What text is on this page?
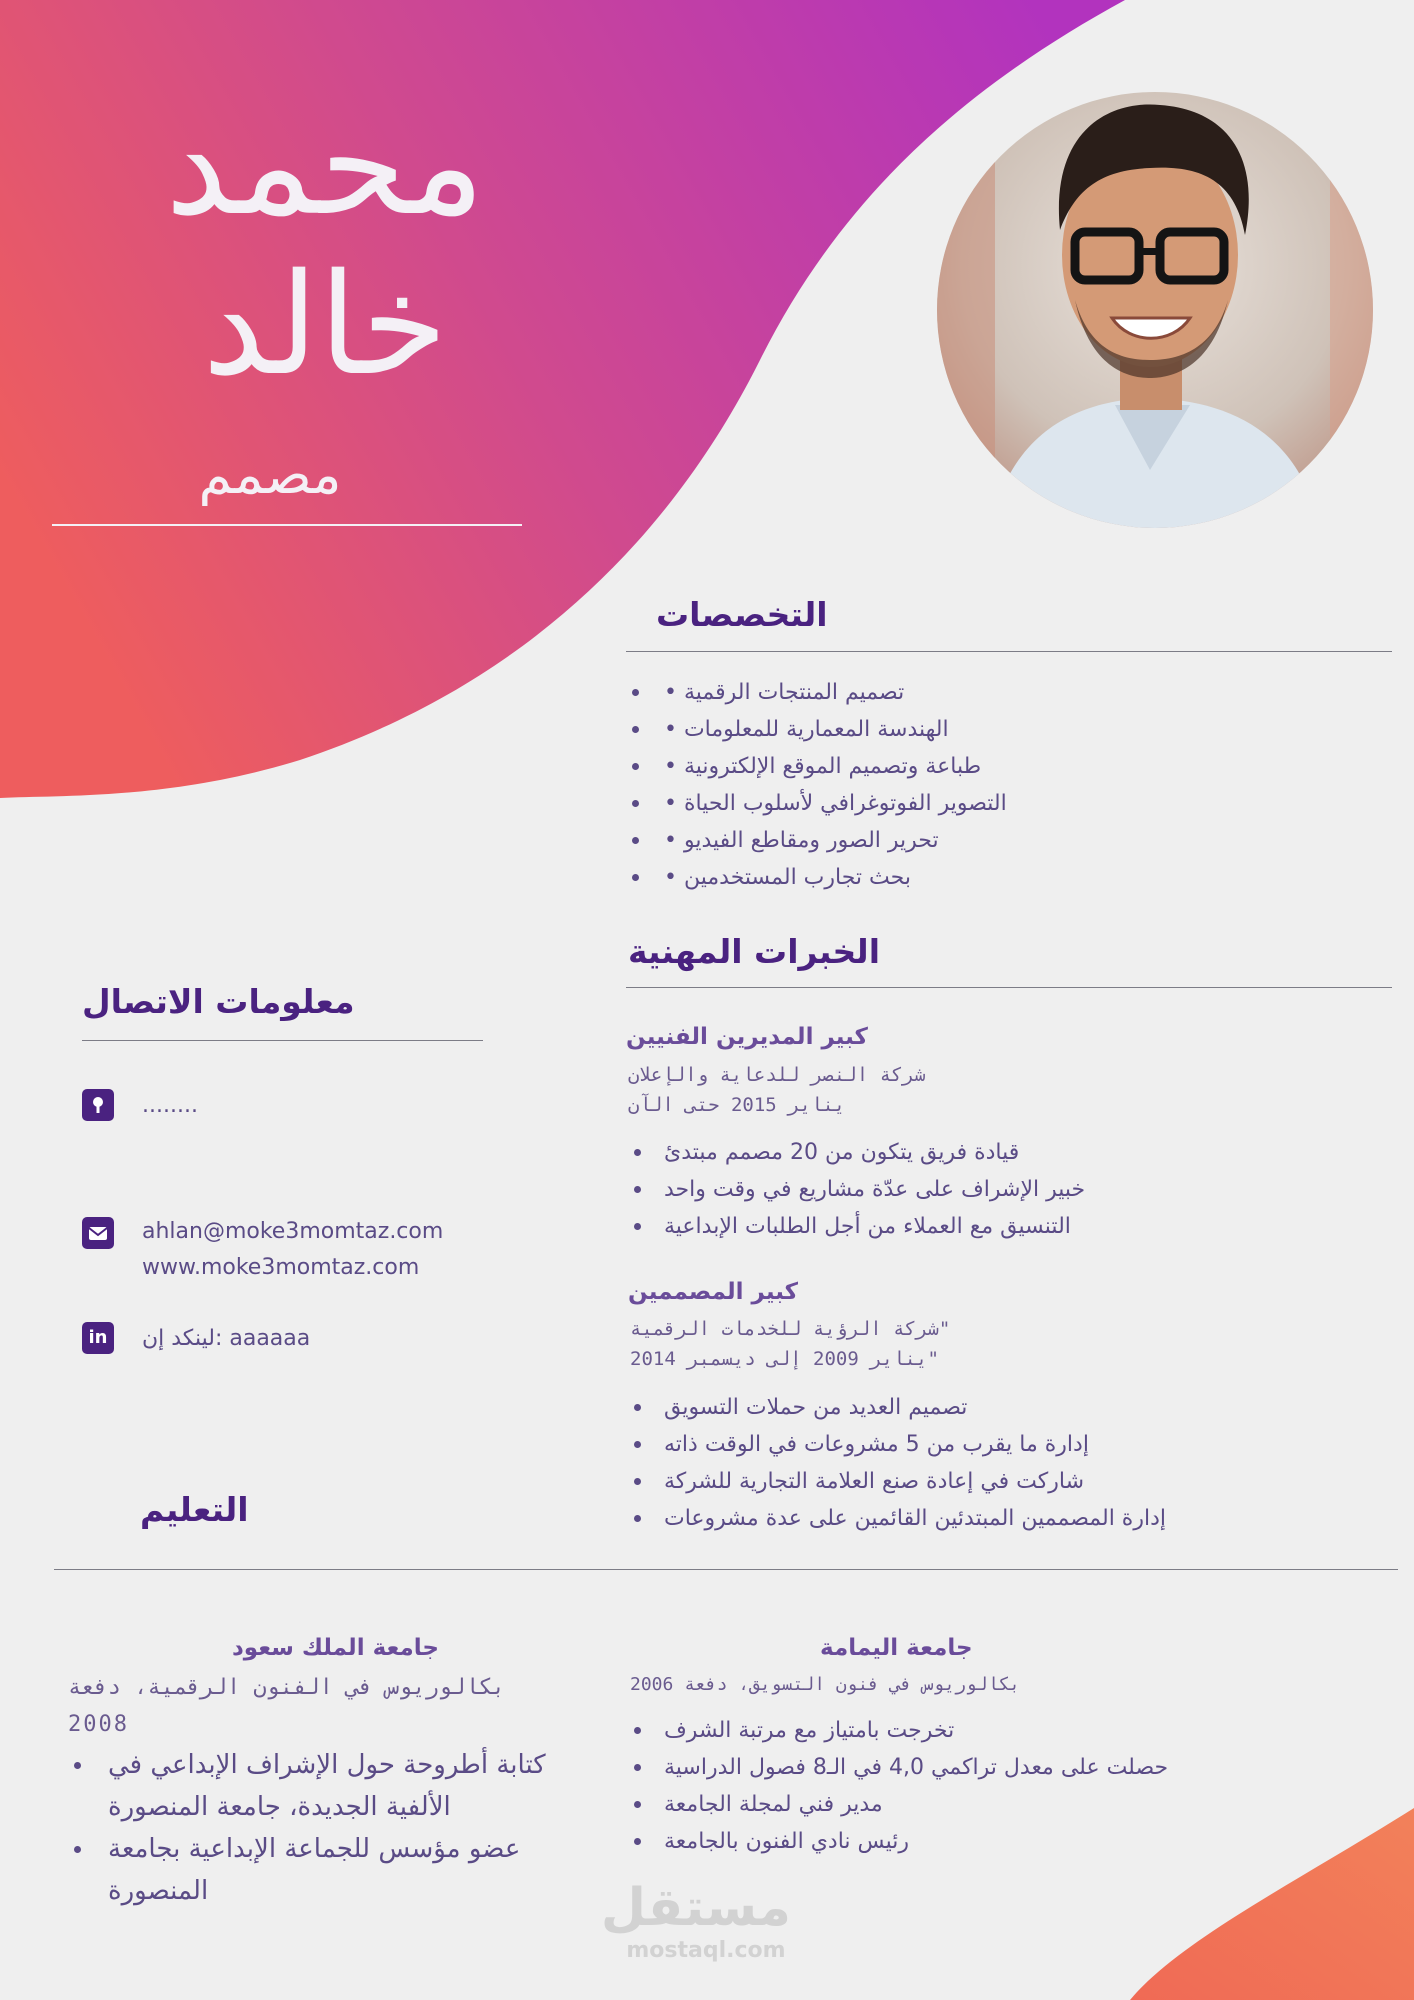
محمد
خالد
مصمم
التخصصات
تصميم المنتجات الرقمية •
الهندسة المعمارية للمعلومات •
طباعة وتصميم الموقع الإلكترونية •
التصوير الفوتوغرافي لأسلوب الحياة •
تحرير الصور ومقاطع الفيديو •
بحث تجارب المستخدمين •
الخبرات المهنية
كبير المديرين الفنيين
شركة النصر للدعاية والإعلان
يناير 2015 حتى الآن
قيادة فريق يتكون من 20 مصمم مبتدئ
خبير الإشراف على عدّة مشاريع في وقت واحد
التنسيق مع العملاء من أجل الطلبات الإبداعية
كبير المصممين
"شركة الرؤية للخدمات الرقمية
"يناير 2009 إلى ديسمبر 2014
تصميم العديد من حملات التسويق
إدارة ما يقرب من 5 مشروعات في الوقت ذاته
شاركت في إعادة صنع العلامة التجارية للشركة
إدارة المصممين المبتدئين القائمين على عدة مشروعات
معلومات الاتصال
........
ahlan@moke3momtaz.com
www.moke3momtaz.com
in لينكد إن: aaaaaa
التعليم
جامعة الملك سعود
بكالوريوس في الفنون الرقمية، دفعة
2008
كتابة أطروحة حول الإشراف الإبداعي في
الألفية الجديدة، جامعة المنصورة
عضو مؤسس للجماعة الإبداعية بجامعة
المنصورة
جامعة اليمامة
بكالوريوس في فنون التسويق، دفعة 2006
تخرجت بامتياز مع مرتبة الشرف
حصلت على معدل تراكمي 4,0 في الـ8 فصول الدراسية
مدير فني لمجلة الجامعة
رئيس نادي الفنون بالجامعة
مستقل
mostaql.com
